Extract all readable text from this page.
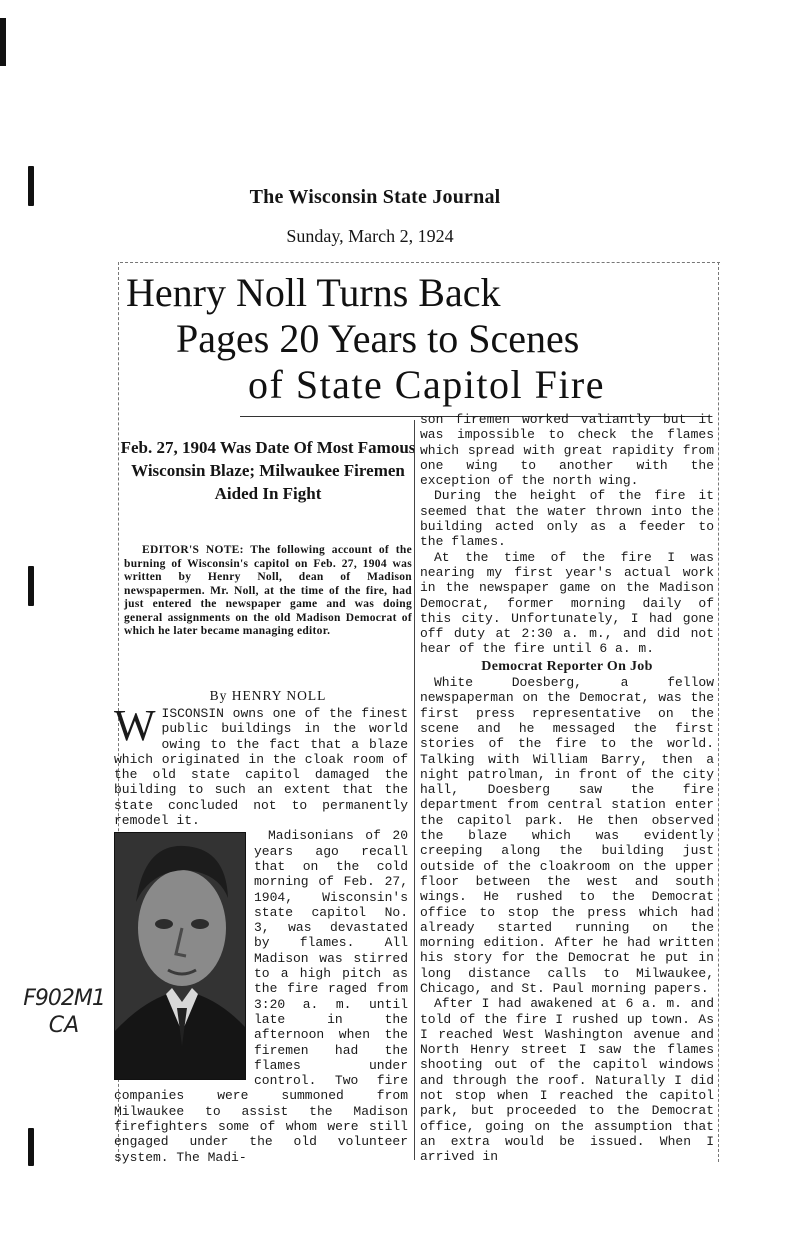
The Wisconsin State Journal
Sunday, March 2, 1924
Henry Noll Turns Back
Pages 20 Years to Scenes
of State Capitol Fire
Feb. 27, 1904 Was Date Of Most Famous Wisconsin Blaze; Milwaukee Firemen Aided In Fight
EDITOR'S NOTE: The following account of the burning of Wisconsin's capitol on Feb. 27, 1904 was written by Henry Noll, dean of Madison newspapermen. Mr. Noll, at the time of the fire, had just entered the newspaper game and was doing general assignments on the old Madison Democrat of which he later became managing editor.
By HENRY NOLL

WISCONSIN owns one of the finest public buildings in the world owing to the fact that a blaze which originated in the cloak room of the old state capitol damaged the building to such an extent that the state concluded not to permanently remodel it.

Madisonians of 20 years ago recall that on the cold morning of Feb. 27, 1904, Wisconsin's state capitol No. 3, was devastated by flames. All Madison was stirred to a high pitch as the fire raged from 3:20 a. m. until late in the afternoon when the firemen had the flames under control. Two fire companies were summoned from Milwaukee to assist the Madison firefighters some of whom were still engaged under the old volunteer system. The Madi-

son firemen worked valiantly but it was impossible to check the flames which spread with great rapidity from one wing to another with the exception of the north wing.

During the height of the fire it seemed that the water thrown into the building acted only as a feeder to the flames.

At the time of the fire I was nearing my first year's actual work in the newspaper game on the Madison Democrat, former morning daily of this city. Unfortunately, I had gone off duty at 2:30 a. m., and did not hear of the fire until 6 a. m.

Democrat Reporter On Job

White Doesberg, a fellow newspaperman on the Democrat, was the first press representative on the scene and he messaged the first stories of the fire to the world. Talking with William Barry, then a night patrolman, in front of the city hall, Doesberg saw the fire department from central station enter the capitol park. He then observed the blaze which was evidently creeping along the building just outside of the cloakroom on the upper floor between the west and south wings. He rushed to the Democrat office to stop the press which had already started running on the morning edition. After he had written his story for the Democrat he put in long distance calls to Milwaukee, Chicago, and St. Paul morning papers.

After I had awakened at 6 a. m. and told of the fire I rushed up town. As I reached West Washington avenue and North Henry street I saw the flames shooting out of the capitol windows and through the roof. Naturally I did not stop when I reached the capitol park, but proceeded to the Democrat office, going on the assumption that an extra would be issued. When I arrived in

F902M1
CA
